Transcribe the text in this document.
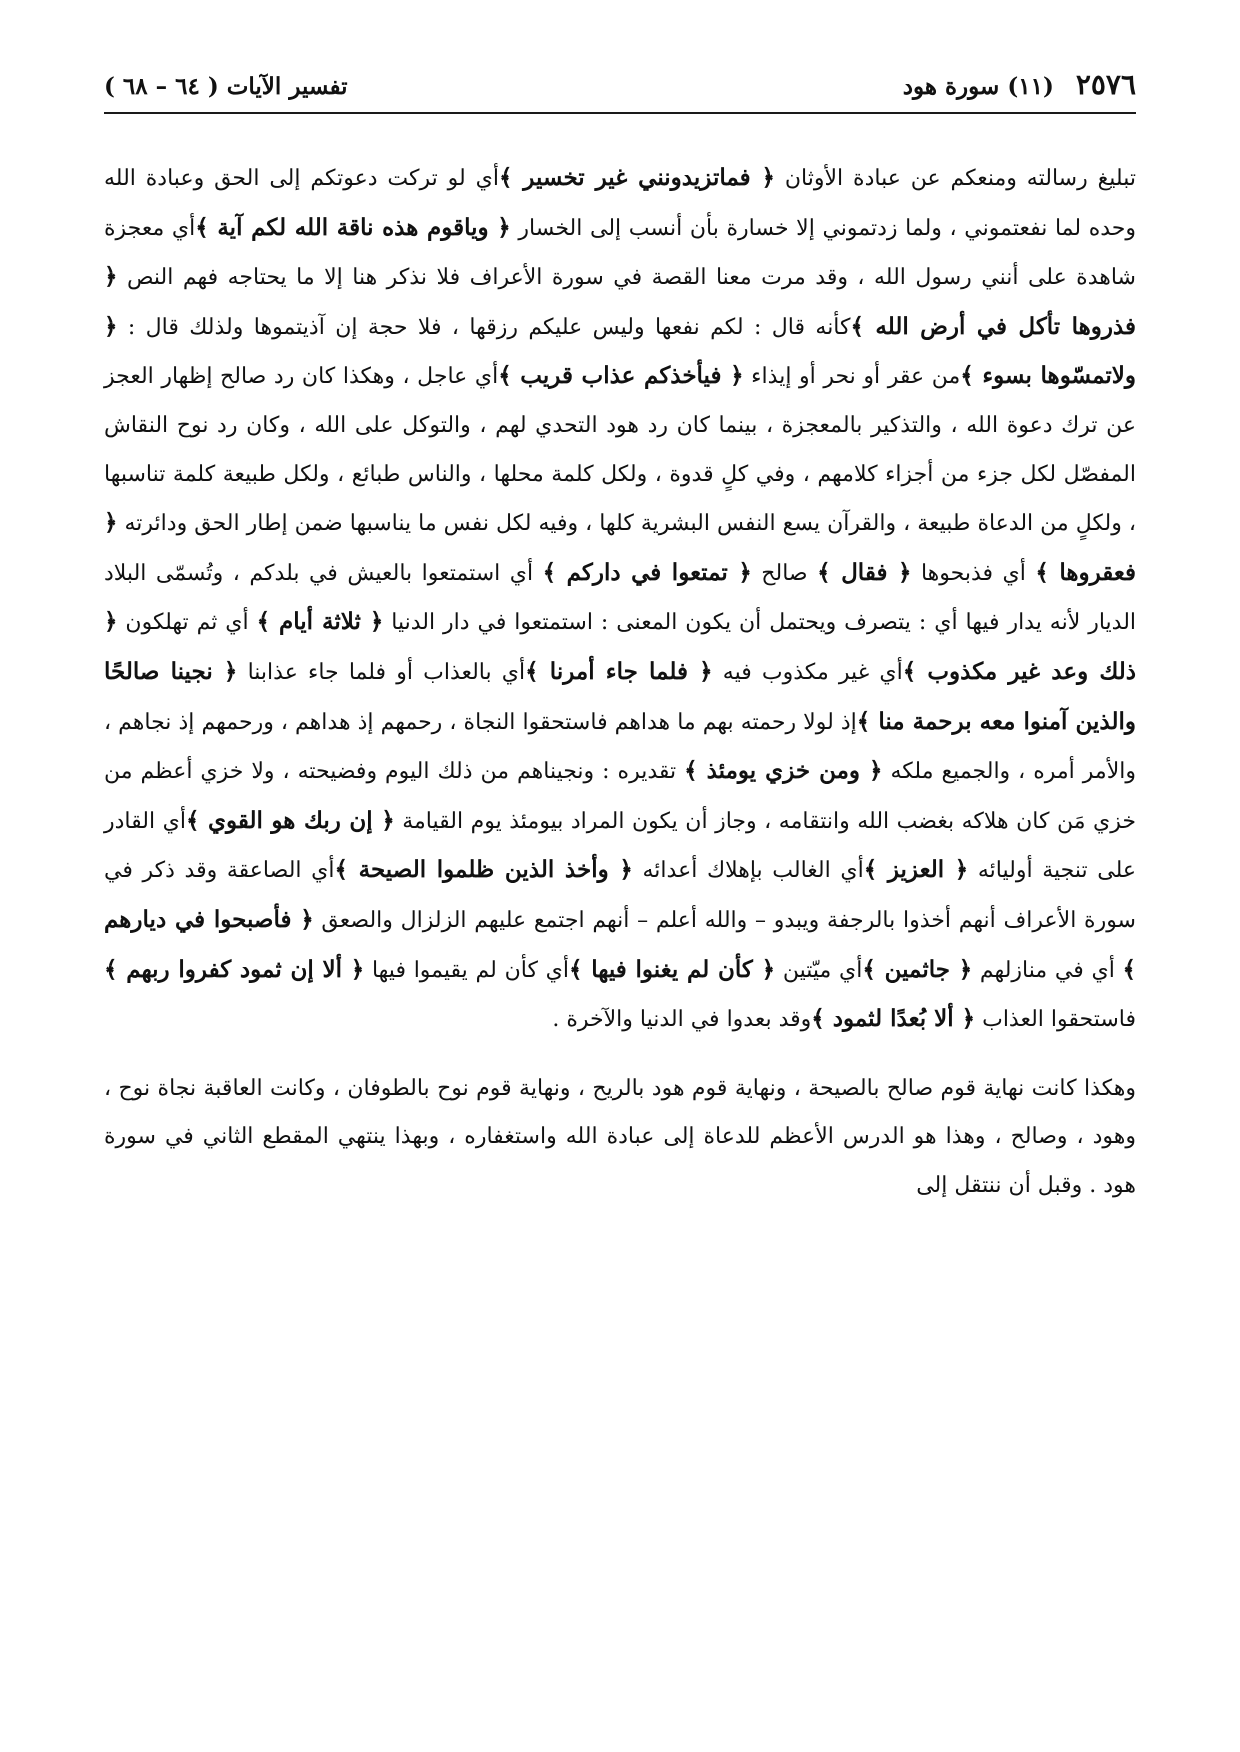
٢٥٧٦ (١١) سورة هود
تفسير الآيات ( ٦٤ – ٦٨ )

تبليغ رسالته ومنعكم عن عبادة الأوثان ﴿ فماتزيدونني غير تخسير ﴾أي لو تركت دعوتكم إلى الحق وعبادة الله وحده لما نفعتموني ، ولما زدتموني إلا خسارة بأن أنسب إلى الخسار ﴿ وياقوم هذه ناقة الله لكم آية ﴾أي معجزة شاهدة على أنني رسول الله ، وقد مرت معنا القصة في سورة الأعراف فلا نذكر هنا إلا ما يحتاجه فهم النص ﴿ فذروها تأكل في أرض الله ﴾كأنه قال : لكم نفعها وليس عليكم رزقها ، فلا حجة إن آذيتموها ولذلك قال : ﴿ ولاتمسّوها بسوء ﴾من عقر أو نحر أو إيذاء ﴿ فيأخذكم عذاب قريب ﴾أي عاجل ، وهكذا كان رد صالح إظهار العجز عن ترك دعوة الله ، والتذكير بالمعجزة ، بينما كان رد هود التحدي لهم ، والتوكل على الله ، وكان رد نوح النقاش المفصّل لكل جزء من أجزاء كلامهم ، وفي كلٍ قدوة ، ولكل كلمة محلها ، والناس طبائع ، ولكل طبيعة كلمة تناسبها ، ولكلٍ من الدعاة طبيعة ، والقرآن يسع النفس البشرية كلها ، وفيه لكل نفس ما يناسبها ضمن إطار الحق ودائرته ﴿ فعقروها ﴾ أي فذبحوها ﴿ فقال ﴾ صالح ﴿ تمتعوا في داركم ﴾ أي استمتعوا بالعيش في بلدكم ، وتُسمّى البلاد الديار لأنه يدار فيها أي : يتصرف ويحتمل أن يكون المعنى : استمتعوا في دار الدنيا ﴿ ثلاثة أيام ﴾ أي ثم تهلكون ﴿ ذلك وعد غير مكذوب ﴾أي غير مكذوب فيه ﴿ فلما جاء أمرنا ﴾أي بالعذاب أو فلما جاء عذابنا ﴿ نجينا صالحًا والذين آمنوا معه برحمة منا ﴾إذ لولا رحمته بهم ما هداهم فاستحقوا النجاة ، رحمهم إذ هداهم ، ورحمهم إذ نجاهم ، والأمر أمره ، والجميع ملكه ﴿ ومن خزي يومئذ ﴾ تقديره : ونجيناهم من ذلك اليوم وفضيحته ، ولا خزي أعظم من خزي مَن كان هلاكه بغضب الله وانتقامه ، وجاز أن يكون المراد بيومئذ يوم القيامة ﴿ إن ربك هو القوي ﴾أي القادر على تنجية أوليائه ﴿ العزيز ﴾أي الغالب بإهلاك أعدائه ﴿ وأخذ الذين ظلموا الصيحة ﴾أي الصاعقة وقد ذكر في سورة الأعراف أنهم أخذوا بالرجفة ويبدو – والله أعلم – أنهم اجتمع عليهم الزلزال والصعق ﴿ فأصبحوا في ديارهم ﴾ أي في منازلهم ﴿ جاثمين ﴾أي ميّتين ﴿ كأن لم يغنوا فيها ﴾أي كأن لم يقيموا فيها ﴿ ألا إن ثمود كفروا ربهم ﴾فاستحقوا العذاب ﴿ ألا بُعدًا لثمود ﴾وقد بعدوا في الدنيا والآخرة .

وهكذا كانت نهاية قوم صالح بالصيحة ، ونهاية قوم هود بالريح ، ونهاية قوم نوح بالطوفان ، وكانت العاقبة نجاة نوح ، وهود ، وصالح ، وهذا هو الدرس الأعظم للدعاة إلى عبادة الله واستغفاره ، وبهذا ينتهي المقطع الثاني في سورة هود . وقبل أن ننتقل إلى
